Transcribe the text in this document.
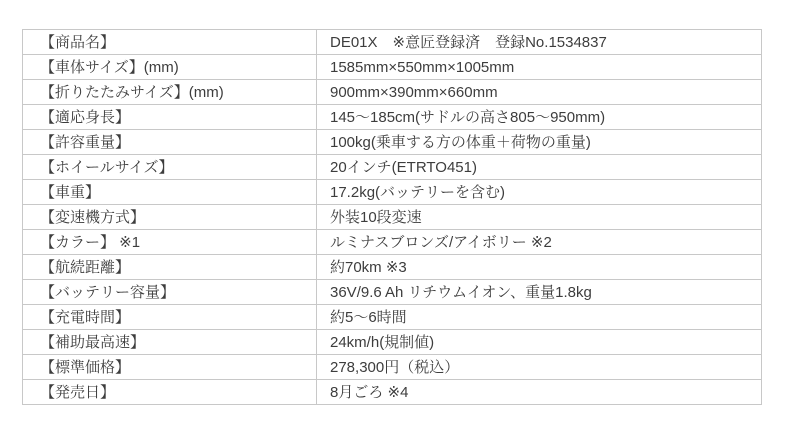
【商品名】	DE01X　※意匠登録済　登録No.1534837
【車体サイズ】(mm)	1585mm×550mm×1005mm
【折りたたみサイズ】(mm)	900mm×390mm×660mm
【適応身長】	145～185cm(サドルの高さ805～950mm)
【許容重量】	100kg(乗車する方の体重＋荷物の重量)
【ホイールサイズ】	20インチ(ETRTO451)
【車重】	17.2kg(バッテリーを含む)
【変速機方式】	外装10段変速
【カラー】 ※1	ルミナスブロンズ/アイボリー ※2
【航続距離】	約70km ※3
【バッテリー容量】	36V/9.6 Ah リチウムイオン、重量1.8kg
【充電時間】	約5～6時間
【補助最高速】	24km/h(規制値)
【標準価格】	278,300円（税込）
【発売日】	8月ごろ ※4
